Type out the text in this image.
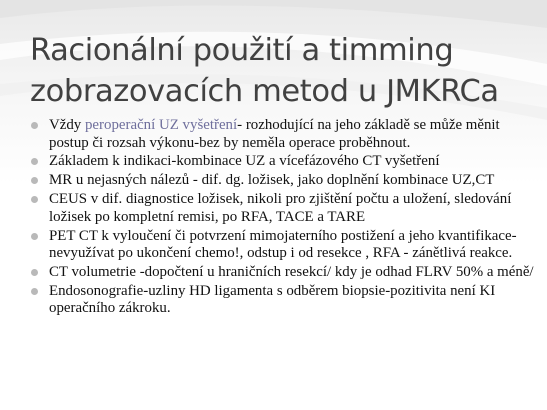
Racionální použití a timming zobrazovacích metod u JMKRCa
Vždy peroperační UZ vyšetření- rozhodující na jeho základě se může měnit postup či rozsah výkonu-bez by neměla operace proběhnout.
Základem k indikaci-kombinace UZ a vícefázového CT vyšetření
MR u nejasných nálezů - dif. dg. ložisek, jako doplnění kombinace UZ,CT
CEUS v dif. diagnostice ložisek, nikoli pro zjištění počtu a uložení, sledování ložisek po kompletní remisi, po RFA, TACE a TARE
PET CT k vyloučení či potvrzení mimojaterního postižení a jeho kvantifikace- nevyužívat po ukončení chemo!, odstup i od resekce , RFA - zánětlivá reakce.
CT volumetrie -dopočtení u hraničních resekcí/ kdy je odhad FLRV 50% a méně/
Endosonografie-uzliny HD ligamenta s odběrem biopsie-pozitivita není KI operačního zákroku.
